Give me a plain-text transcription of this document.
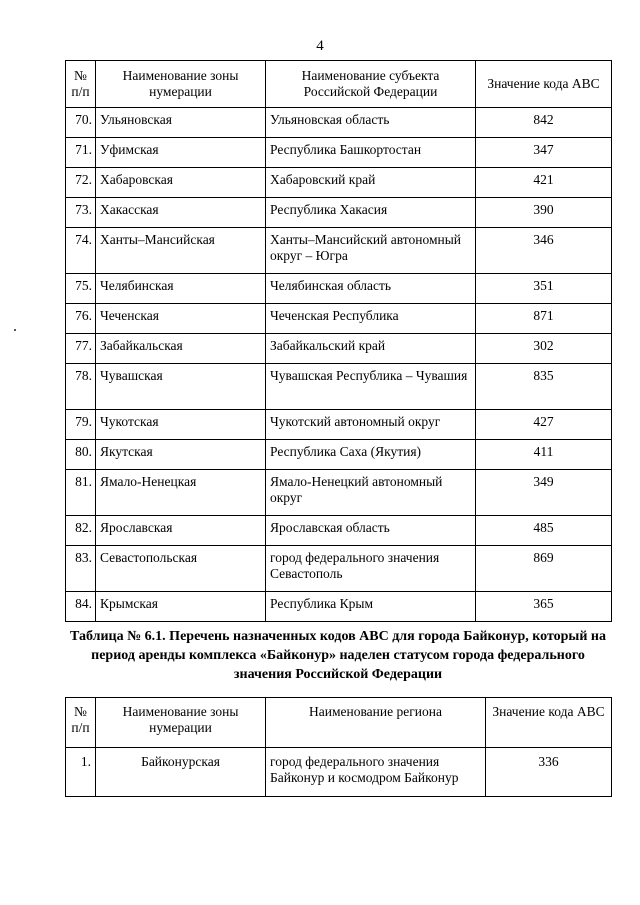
4
№ п/п	Наименование зоны нумерации	Наименование субъекта Российской Федерации	Значение кода АВС
70.	Ульяновская	Ульяновская область	842
71.	Уфимская	Республика Башкортостан	347
72.	Хабаровская	Хабаровский край	421
73.	Хакасская	Республика Хакасия	390
74.	Ханты–Мансийская	Ханты–Мансийский автономный округ – Югра	346
75.	Челябинская	Челябинская область	351
76.	Чеченская	Чеченская Республика	871
77.	Забайкальская	Забайкальский край	302
78.	Чувашская	Чувашская Республика – Чувашия	835
79.	Чукотская	Чукотский автономный округ	427
80.	Якутская	Республика Саха (Якутия)	411
81.	Ямало-Ненецкая	Ямало-Ненецкий автономный округ	349
82.	Ярославская	Ярославская область	485
83.	Севастопольская	город федерального значения Севастополь	869
84.	Крымская	Республика Крым	365
Таблица № 6.1. Перечень назначенных кодов АВС для города Байконур, который на период аренды комплекса «Байконур» наделен статусом города федерального значения Российской Федерации
№ п/п	Наименование зоны нумерации	Наименование региона	Значение кода АВС
1.	Байконурская	город федерального значения Байконур и космодром Байконур	336
